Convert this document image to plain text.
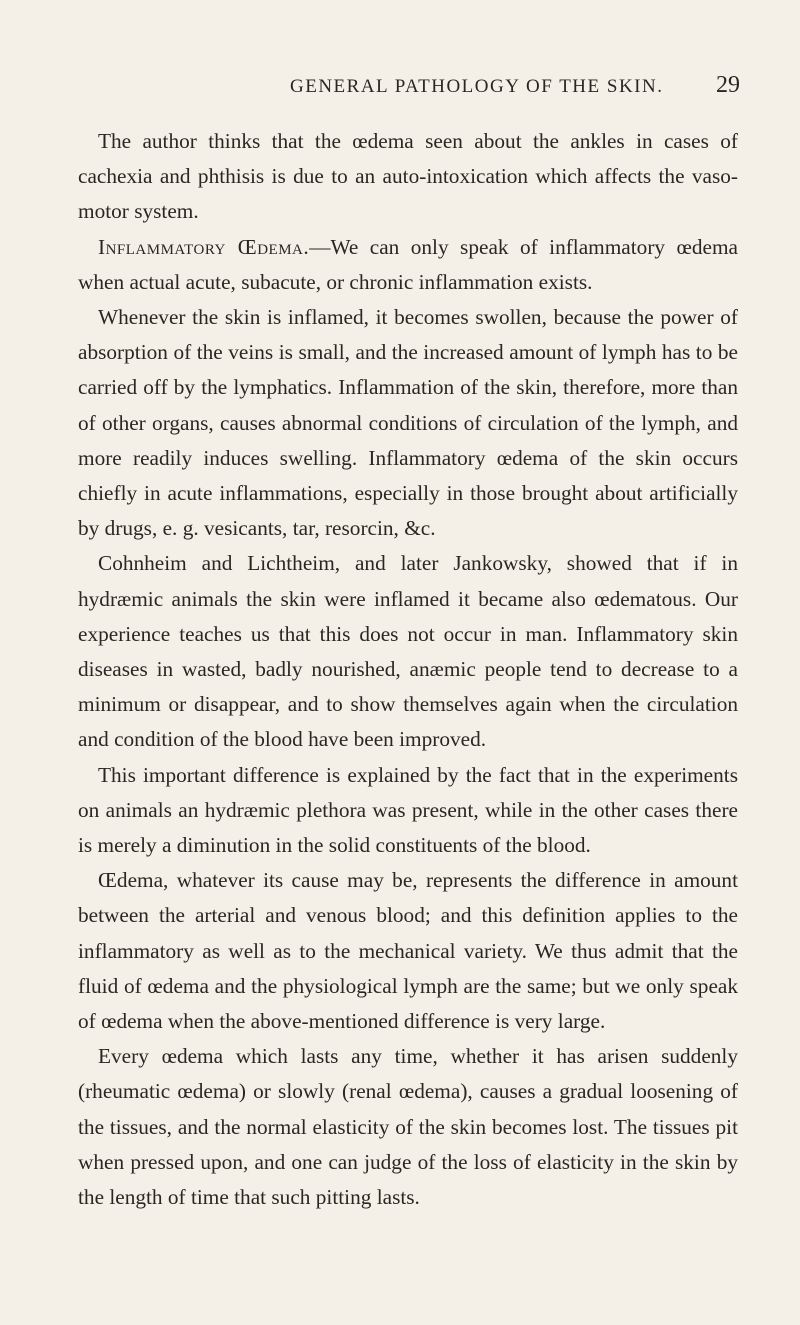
GENERAL PATHOLOGY OF THE SKIN. 29

The author thinks that the œdema seen about the ankles in cases of cachexia and phthisis is due to an auto-intoxication which affects the vaso-motor system.

Inflammatory Œdema.—We can only speak of inflammatory œdema when actual acute, subacute, or chronic inflammation exists.

Whenever the skin is inflamed, it becomes swollen, because the power of absorption of the veins is small, and the increased amount of lymph has to be carried off by the lymphatics. Inflammation of the skin, therefore, more than of other organs, causes abnormal conditions of circulation of the lymph, and more readily induces swelling. Inflammatory œdema of the skin occurs chiefly in acute inflammations, especially in those brought about artificially by drugs, e. g. vesicants, tar, resorcin, &c.

Cohnheim and Lichtheim, and later Jankowsky, showed that if in hydræmic animals the skin were inflamed it became also œdematous. Our experience teaches us that this does not occur in man. Inflammatory skin diseases in wasted, badly nourished, anæmic people tend to decrease to a minimum or disappear, and to show themselves again when the circulation and condition of the blood have been improved.

This important difference is explained by the fact that in the experiments on animals an hydræmic plethora was present, while in the other cases there is merely a diminution in the solid constituents of the blood.

Œdema, whatever its cause may be, represents the difference in amount between the arterial and venous blood; and this definition applies to the inflammatory as well as to the mechanical variety. We thus admit that the fluid of œdema and the physiological lymph are the same; but we only speak of œdema when the above-mentioned difference is very large.

Every œdema which lasts any time, whether it has arisen suddenly (rheumatic œdema) or slowly (renal œdema), causes a gradual loosening of the tissues, and the normal elasticity of the skin becomes lost. The tissues pit when pressed upon, and one can judge of the loss of elasticity in the skin by the length of time that such pitting lasts.
